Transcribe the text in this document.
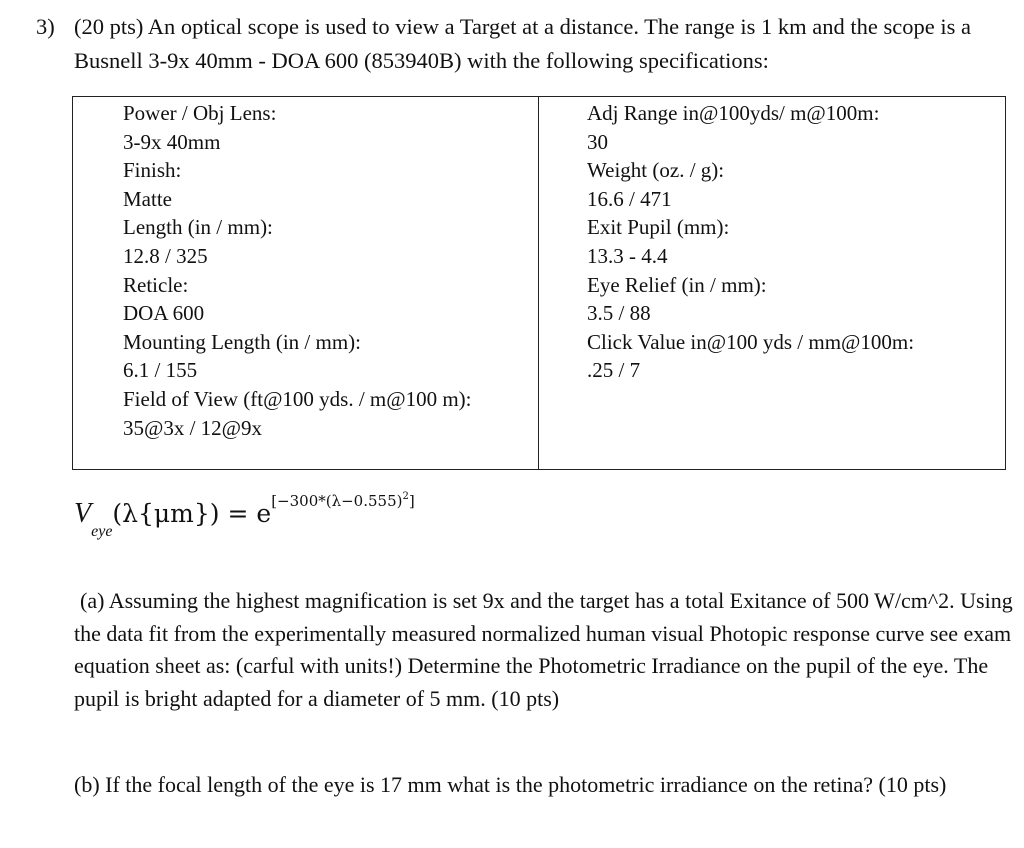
3) (20 pts) An optical scope is used to view a Target at a distance. The range is 1 km and the scope is a Busnell 3-9x 40mm - DOA 600 (853940B) with the following specifications:
Power / Obj Lens:
3-9x 40mm
Finish:
Matte
Length (in / mm):
12.8 / 325
Reticle:
DOA 600
Mounting Length (in / mm):
6.1 / 155
Field of View (ft@100 yds. / m@100 m):
35@3x / 12@9x
Adj Range in@100yds/ m@100m:
30
Weight (oz. / g):
16.6 / 471
Exit Pupil (mm):
13.3 - 4.4
Eye Relief (in / mm):
3.5 / 88
Click Value in@100 yds / mm@100m:
.25 / 7
$V_{eye}(\lambda\{\mu m\}) = e[-300*(\lambda-0.555)2]$
(a) Assuming the highest magnification is set 9x and the target has a total Exitance of 500 W/cm^2. Using the data fit from the experimentally measured normalized human visual Photopic response curve see exam equation sheet as: (carful with units!) Determine the Photometric Irradiance on the pupil of the eye. The pupil is bright adapted for a diameter of 5 mm. (10 pts)
(b) If the focal length of the eye is 17 mm what is the photometric irradiance on the retina? (10 pts)
